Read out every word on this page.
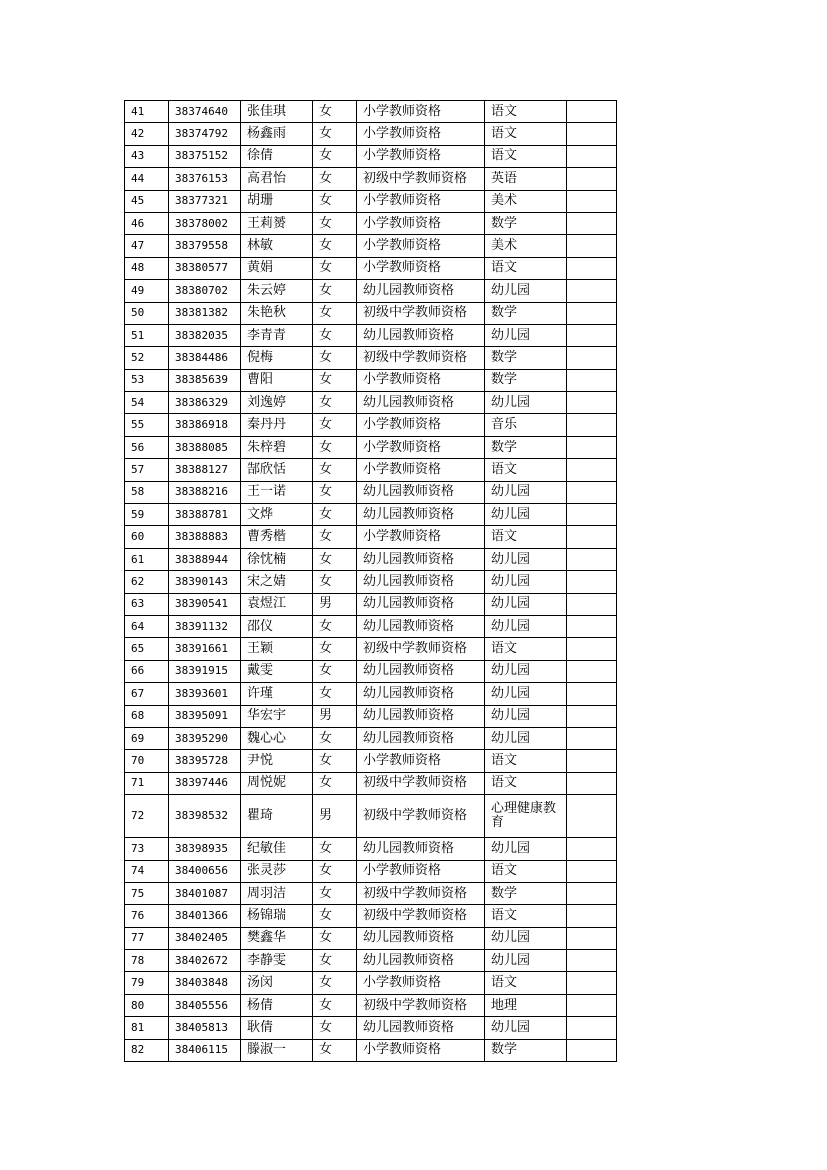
41	38374640	张佳琪	女	小学教师资格	语文	
42	38374792	杨鑫雨	女	小学教师资格	语文	
43	38375152	徐倩	女	小学教师资格	语文	
44	38376153	高君怡	女	初级中学教师资格	英语	
45	38377321	胡珊	女	小学教师资格	美术	
46	38378002	王莉赟	女	小学教师资格	数学	
47	38379558	林敏	女	小学教师资格	美术	
48	38380577	黄娟	女	小学教师资格	语文	
49	38380702	朱云婷	女	幼儿园教师资格	幼儿园	
50	38381382	朱艳秋	女	初级中学教师资格	数学	
51	38382035	李青青	女	幼儿园教师资格	幼儿园	
52	38384486	倪梅	女	初级中学教师资格	数学	
53	38385639	曹阳	女	小学教师资格	数学	
54	38386329	刘逸婷	女	幼儿园教师资格	幼儿园	
55	38386918	秦丹丹	女	小学教师资格	音乐	
56	38388085	朱梓碧	女	小学教师资格	数学	
57	38388127	郜欣恬	女	小学教师资格	语文	
58	38388216	王一诺	女	幼儿园教师资格	幼儿园	
59	38388781	文烨	女	幼儿园教师资格	幼儿园	
60	38388883	曹秀楷	女	小学教师资格	语文	
61	38388944	徐忱楠	女	幼儿园教师资格	幼儿园	
62	38390143	宋之婧	女	幼儿园教师资格	幼儿园	
63	38390541	袁煜江	男	幼儿园教师资格	幼儿园	
64	38391132	邵仪	女	幼儿园教师资格	幼儿园	
65	38391661	王颖	女	初级中学教师资格	语文	
66	38391915	戴雯	女	幼儿园教师资格	幼儿园	
67	38393601	许瑾	女	幼儿园教师资格	幼儿园	
68	38395091	华宏宇	男	幼儿园教师资格	幼儿园	
69	38395290	魏心心	女	幼儿园教师资格	幼儿园	
70	38395728	尹悦	女	小学教师资格	语文	
71	38397446	周悦妮	女	初级中学教师资格	语文	
72	38398532	瞿琦	男	初级中学教师资格	心理健康教育	
73	38398935	纪敏佳	女	幼儿园教师资格	幼儿园	
74	38400656	张灵莎	女	小学教师资格	语文	
75	38401087	周羽洁	女	初级中学教师资格	数学	
76	38401366	杨锦瑞	女	初级中学教师资格	语文	
77	38402405	樊鑫华	女	幼儿园教师资格	幼儿园	
78	38402672	李静雯	女	幼儿园教师资格	幼儿园	
79	38403848	汤闵	女	小学教师资格	语文	
80	38405556	杨倩	女	初级中学教师资格	地理	
81	38405813	耿倩	女	幼儿园教师资格	幼儿园	
82	38406115	滕淑一	女	小学教师资格	数学	
